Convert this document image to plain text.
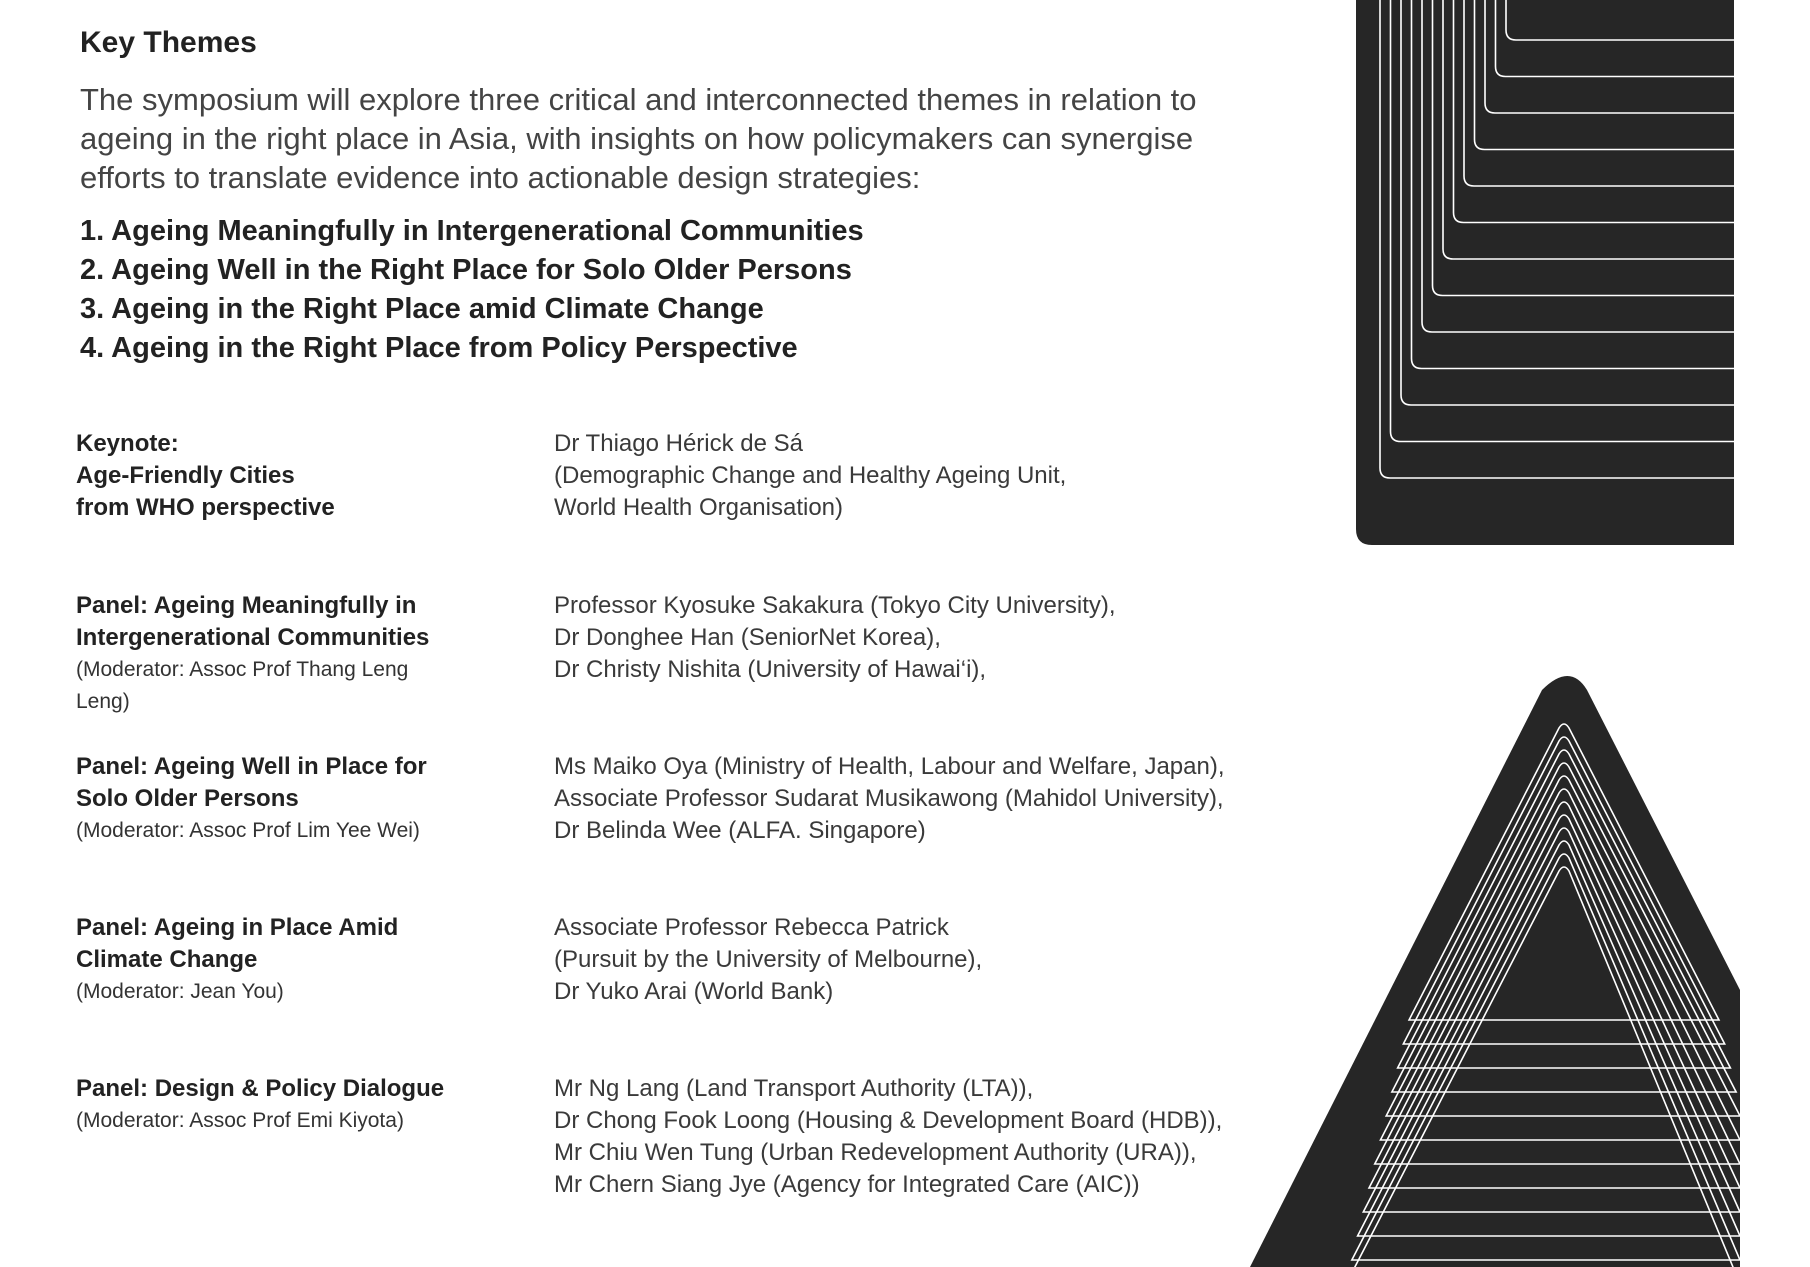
Key Themes
The symposium will explore three critical and interconnected themes in relation to
ageing in the right place in Asia, with insights on how policymakers can synergise
efforts to translate evidence into actionable design strategies:
1. Ageing Meaningfully in Intergenerational Communities
2. Ageing Well in the Right Place for Solo Older Persons
3. Ageing in the Right Place amid Climate Change
4. Ageing in the Right Place from Policy Perspective
Keynote:
Age-Friendly Cities
from WHO perspective
Dr Thiago Hérick de Sá
(Demographic Change and Healthy Ageing Unit,
World Health Organisation)
Panel: Ageing Meaningfully in
Intergenerational Communities
(Moderator: Assoc Prof Thang Leng
Leng)
Professor Kyosuke Sakakura (Tokyo City University),
Dr Donghee Han (SeniorNet Korea),
Dr Christy Nishita (University of Hawai‘i),
Panel: Ageing Well in Place for
Solo Older Persons
(Moderator: Assoc Prof Lim Yee Wei)
Ms Maiko Oya (Ministry of Health, Labour and Welfare, Japan),
Associate Professor Sudarat Musikawong (Mahidol University),
Dr Belinda Wee (ALFA. Singapore)
Panel: Ageing in Place Amid
Climate Change
(Moderator: Jean You)
Associate Professor Rebecca Patrick
(Pursuit by the University of Melbourne),
Dr Yuko Arai (World Bank)
Panel: Design & Policy Dialogue
(Moderator: Assoc Prof Emi Kiyota)
Mr Ng Lang (Land Transport Authority (LTA)),
Dr Chong Fook Loong (Housing & Development Board (HDB)),
Mr Chiu Wen Tung (Urban Redevelopment Authority (URA)),
Mr Chern Siang Jye (Agency for Integrated Care (AIC))
